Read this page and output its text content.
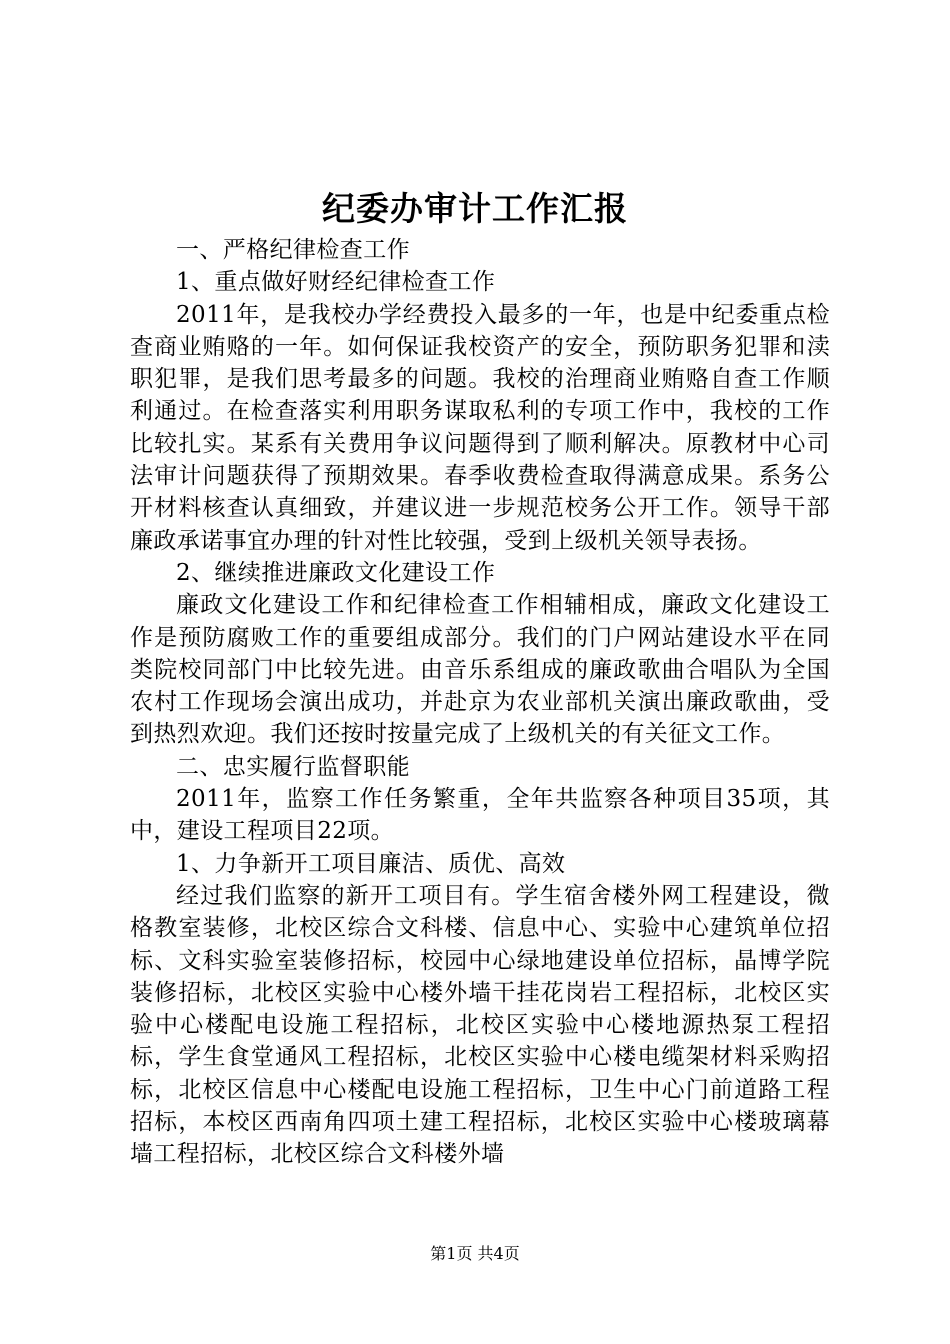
纪委办审计工作汇报

一、严格纪律检查工作

1、重点做好财经纪律检查工作

2011年，是我校办学经费投入最多的一年，也是中纪委重点检查商业贿赂的一年。如何保证我校资产的安全，预防职务犯罪和渎职犯罪，是我们思考最多的问题。我校的治理商业贿赂自查工作顺利通过。在检查落实利用职务谋取私利的专项工作中，我校的工作比较扎实。某系有关费用争议问题得到了顺利解决。原教材中心司法审计问题获得了预期效果。春季收费检查取得满意成果。系务公开材料核查认真细致，并建议进一步规范校务公开工作。领导干部廉政承诺事宜办理的针对性比较强，受到上级机关领导表扬。

2、继续推进廉政文化建设工作

廉政文化建设工作和纪律检查工作相辅相成，廉政文化建设工作是预防腐败工作的重要组成部分。我们的门户网站建设水平在同类院校同部门中比较先进。由音乐系组成的廉政歌曲合唱队为全国农村工作现场会演出成功，并赴京为农业部机关演出廉政歌曲，受到热烈欢迎。我们还按时按量完成了上级机关的有关征文工作。

二、忠实履行监督职能

2011年，监察工作任务繁重，全年共监察各种项目35项，其中，建设工程项目22项。

1、力争新开工项目廉洁、质优、高效

经过我们监察的新开工项目有。学生宿舍楼外网工程建设，微格教室装修，北校区综合文科楼、信息中心、实验中心建筑单位招标、文科实验室装修招标，校园中心绿地建设单位招标，晶博学院装修招标，北校区实验中心楼外墙干挂花岗岩工程招标，北校区实验中心楼配电设施工程招标，北校区实验中心楼地源热泵工程招标，学生食堂通风工程招标，北校区实验中心楼电缆架材料采购招标，北校区信息中心楼配电设施工程招标，卫生中心门前道路工程招标，本校区西南角四项土建工程招标，北校区实验中心楼玻璃幕墙工程招标，北校区综合文科楼外墙

第1页 共4页
